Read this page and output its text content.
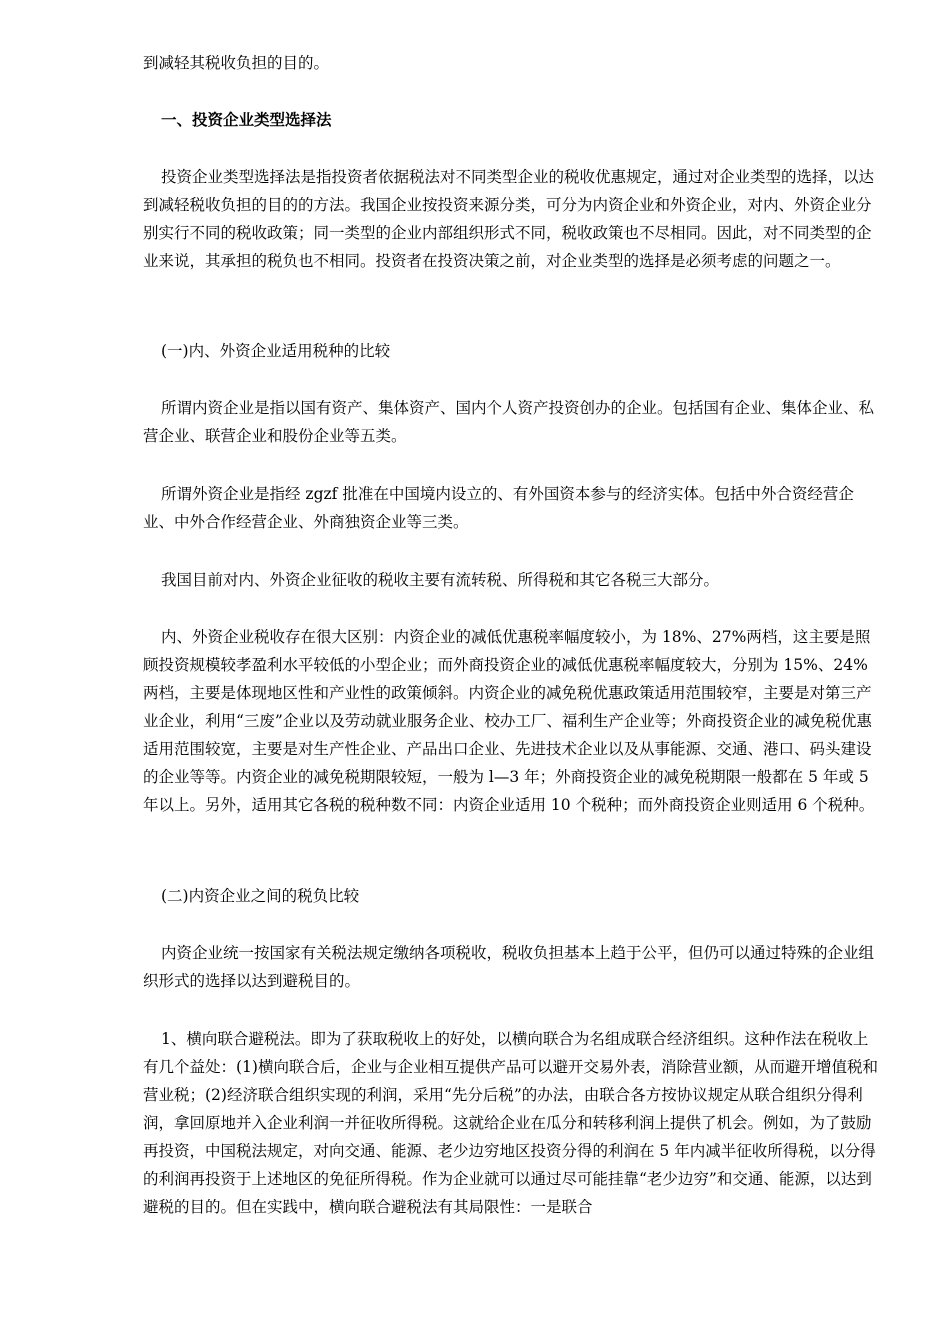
到减轻其税收负担的目的。

一、投资企业类型选择法

投资企业类型选择法是指投资者依据税法对不同类型企业的税收优惠规定，通过对企业类型的选择，以达到减轻税收负担的目的的方法。我国企业按投资来源分类，可分为内资企业和外资企业，对内、外资企业分别实行不同的税收政策；同一类型的企业内部组织形式不同，税收政策也不尽相同。因此，对不同类型的企业来说，其承担的税负也不相同。投资者在投资决策之前，对企业类型的选择是必须考虑的问题之一。

(一)内、外资企业适用税种的比较

所谓内资企业是指以国有资产、集体资产、国内个人资产投资创办的企业。包括国有企业、集体企业、私营企业、联营企业和股份企业等五类。

所谓外资企业是指经 zgzf 批准在中国境内设立的、有外国资本参与的经济实体。包括中外合资经营企业、中外合作经营企业、外商独资企业等三类。

我国目前对内、外资企业征收的税收主要有流转税、所得税和其它各税三大部分。

内、外资企业税收存在很大区别：内资企业的减低优惠税率幅度较小，为 18%、27%两档，这主要是照顾投资规模较孝盈利水平较低的小型企业；而外商投资企业的减低优惠税率幅度较大，分别为 15%、24%两档，主要是体现地区性和产业性的政策倾斜。内资企业的减免税优惠政策适用范围较窄，主要是对第三产业企业，利用“三废”企业以及劳动就业服务企业、校办工厂、福利生产企业等；外商投资企业的减免税优惠适用范围较宽，主要是对生产性企业、产品出口企业、先进技术企业以及从事能源、交通、港口、码头建设的企业等等。内资企业的减免税期限较短，一般为 l—3 年；外商投资企业的减免税期限一般都在 5 年或 5 年以上。另外，适用其它各税的税种数不同：内资企业适用 10 个税种；而外商投资企业则适用 6 个税种。

(二)内资企业之间的税负比较

内资企业统一按国家有关税法规定缴纳各项税收，税收负担基本上趋于公平，但仍可以通过特殊的企业组织形式的选择以达到避税目的。

1、横向联合避税法。即为了获取税收上的好处，以横向联合为名组成联合经济组织。这种作法在税收上有几个益处：(1)横向联合后，企业与企业相互提供产品可以避开交易外表，消除营业额，从而避开增值税和营业税；(2)经济联合组织实现的利润，采用“先分后税”的办法，由联合各方按协议规定从联合组织分得利润，拿回原地并入企业利润一并征收所得税。这就给企业在瓜分和转移利润上提供了机会。例如，为了鼓励再投资，中国税法规定，对向交通、能源、老少边穷地区投资分得的利润在 5 年内减半征收所得税，以分得的利润再投资于上述地区的免征所得税。作为企业就可以通过尽可能挂靠“老少边穷”和交通、能源，以达到避税的目的。但在实践中，横向联合避税法有其局限性：一是联合
